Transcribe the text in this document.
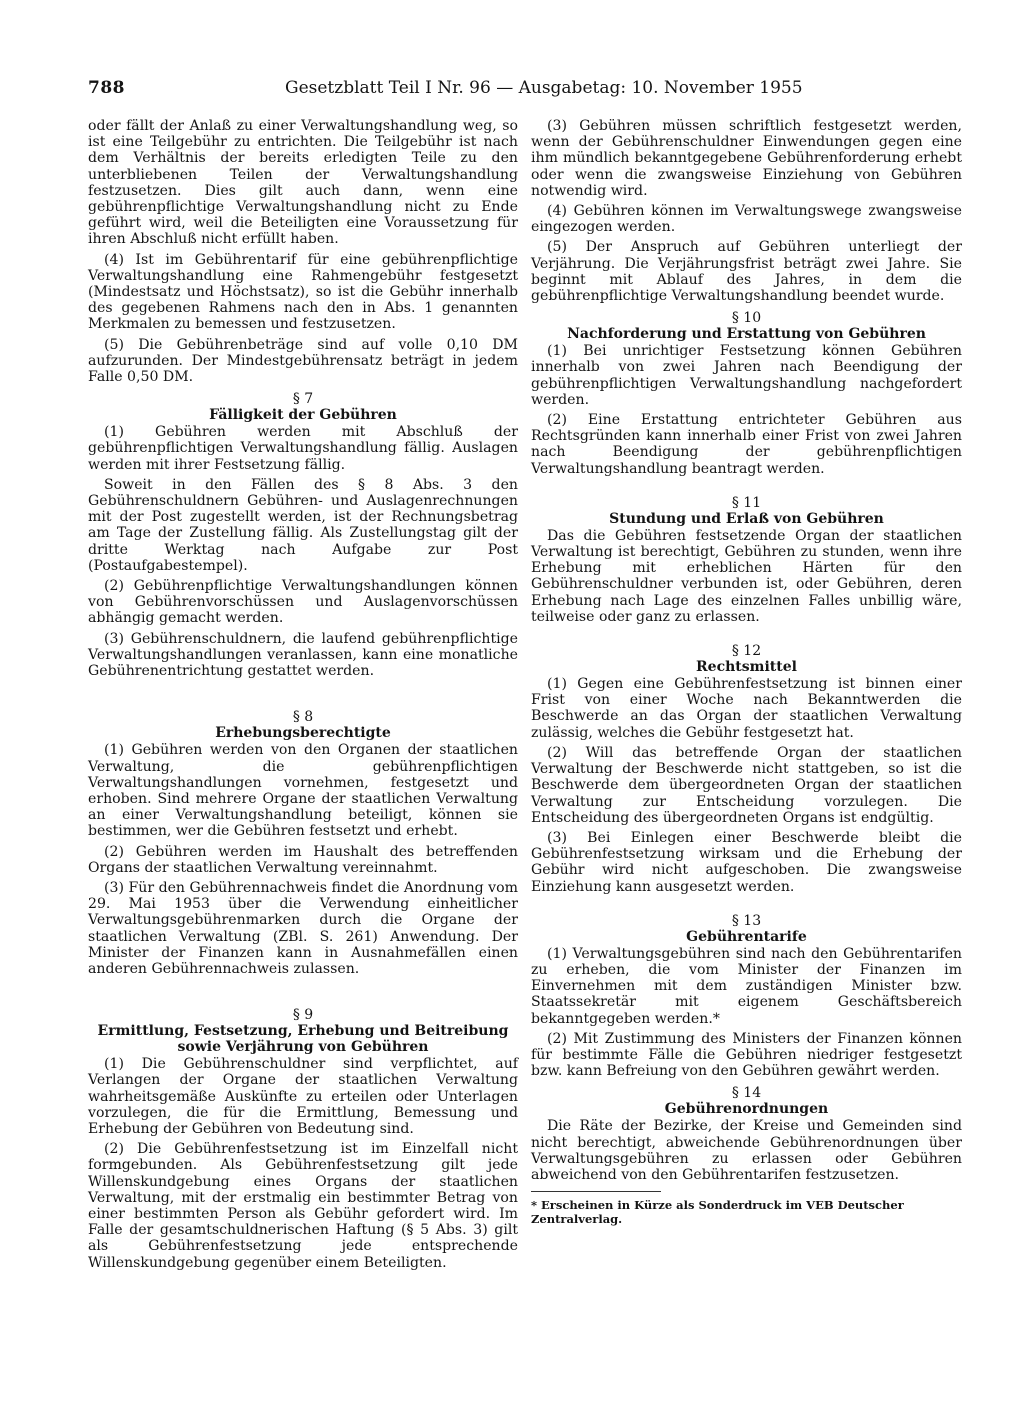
788	Gesetzblatt Teil I Nr. 96 — Ausgabetag: 10. November 1955

oder fällt der Anlaß zu einer Verwaltungshandlung weg, so ist eine Teilgebühr zu entrichten. Die Teilgebühr ist nach dem Verhältnis der bereits erledigten Teile zu den unterbliebenen Teilen der Verwaltungshandlung festzusetzen. Dies gilt auch dann, wenn eine gebührenpflichtige Verwaltungshandlung nicht zu Ende geführt wird, weil die Beteiligten eine Voraussetzung für ihren Abschluß nicht erfüllt haben.

(4) Ist im Gebührentarif für eine gebührenpflichtige Verwaltungshandlung eine Rahmengebühr festgesetzt (Mindestsatz und Höchstsatz), so ist die Gebühr innerhalb des gegebenen Rahmens nach den in Abs. 1 genannten Merkmalen zu bemessen und festzusetzen.

(5) Die Gebührenbeträge sind auf volle 0,10 DM aufzurunden. Der Mindestgebührensatz beträgt in jedem Falle 0,50 DM.

§ 7
Fälligkeit der Gebühren

(1) Gebühren werden mit Abschluß der gebührenpflichtigen Verwaltungshandlung fällig. Auslagen werden mit ihrer Festsetzung fällig.

Soweit in den Fällen des § 8 Abs. 3 den Gebührenschuldnern Gebühren- und Auslagenrechnungen mit der Post zugestellt werden, ist der Rechnungsbetrag am Tage der Zustellung fällig. Als Zustellungstag gilt der dritte Werktag nach Aufgabe zur Post (Postaufgabestempel).

(2) Gebührenpflichtige Verwaltungshandlungen können von Gebührenvorschüssen und Auslagenvorschüssen abhängig gemacht werden.

(3) Gebührenschuldnern, die laufend gebührenpflichtige Verwaltungshandlungen veranlassen, kann eine monatliche Gebührenentrichtung gestattet werden.

§ 8
Erhebungsberechtigte

(1) Gebühren werden von den Organen der staatlichen Verwaltung, die gebührenpflichtigen Verwaltungshandlungen vornehmen, festgesetzt und erhoben. Sind mehrere Organe der staatlichen Verwaltung an einer Verwaltungshandlung beteiligt, können sie bestimmen, wer die Gebühren festsetzt und erhebt.

(2) Gebühren werden im Haushalt des betreffenden Organs der staatlichen Verwaltung vereinnahmt.

(3) Für den Gebührennachweis findet die Anordnung vom 29. Mai 1953 über die Verwendung einheitlicher Verwaltungsgebührenmarken durch die Organe der staatlichen Verwaltung (ZBl. S. 261) Anwendung. Der Minister der Finanzen kann in Ausnahmefällen einen anderen Gebührennachweis zulassen.

§ 9
Ermittlung, Festsetzung, Erhebung und Beitreibung sowie Verjährung von Gebühren

(1) Die Gebührenschuldner sind verpflichtet, auf Verlangen der Organe der staatlichen Verwaltung wahrheitsgemäße Auskünfte zu erteilen oder Unterlagen vorzulegen, die für die Ermittlung, Bemessung und Erhebung der Gebühren von Bedeutung sind.

(2) Die Gebührenfestsetzung ist im Einzelfall nicht formgebunden. Als Gebührenfestsetzung gilt jede Willenskundgebung eines Organs der staatlichen Verwaltung, mit der erstmalig ein bestimmter Betrag von einer bestimmten Person als Gebühr gefordert wird. Im Falle der gesamtschuldnerischen Haftung (§ 5 Abs. 3) gilt als Gebührenfestsetzung jede entsprechende Willenskundgebung gegenüber einem Beteiligten.

(3) Gebühren müssen schriftlich festgesetzt werden, wenn der Gebührenschuldner Einwendungen gegen eine ihm mündlich bekanntgegebene Gebührenforderung erhebt oder wenn die zwangsweise Einziehung von Gebühren notwendig wird.

(4) Gebühren können im Verwaltungswege zwangsweise eingezogen werden.

(5) Der Anspruch auf Gebühren unterliegt der Verjährung. Die Verjährungsfrist beträgt zwei Jahre. Sie beginnt mit Ablauf des Jahres, in dem die gebührenpflichtige Verwaltungshandlung beendet wurde.

§ 10
Nachforderung und Erstattung von Gebühren

(1) Bei unrichtiger Festsetzung können Gebühren innerhalb von zwei Jahren nach Beendigung der gebührenpflichtigen Verwaltungshandlung nachgefordert werden.

(2) Eine Erstattung entrichteter Gebühren aus Rechtsgründen kann innerhalb einer Frist von zwei Jahren nach Beendigung der gebührenpflichtigen Verwaltungshandlung beantragt werden.

§ 11
Stundung und Erlaß von Gebühren

Das die Gebühren festsetzende Organ der staatlichen Verwaltung ist berechtigt, Gebühren zu stunden, wenn ihre Erhebung mit erheblichen Härten für den Gebührenschuldner verbunden ist, oder Gebühren, deren Erhebung nach Lage des einzelnen Falles unbillig wäre, teilweise oder ganz zu erlassen.

§ 12
Rechtsmittel

(1) Gegen eine Gebührenfestsetzung ist binnen einer Frist von einer Woche nach Bekanntwerden die Beschwerde an das Organ der staatlichen Verwaltung zulässig, welches die Gebühr festgesetzt hat.

(2) Will das betreffende Organ der staatlichen Verwaltung der Beschwerde nicht stattgeben, so ist die Beschwerde dem übergeordneten Organ der staatlichen Verwaltung zur Entscheidung vorzulegen. Die Entscheidung des übergeordneten Organs ist endgültig.

(3) Bei Einlegen einer Beschwerde bleibt die Gebührenfestsetzung wirksam und die Erhebung der Gebühr wird nicht aufgeschoben. Die zwangsweise Einziehung kann ausgesetzt werden.

§ 13
Gebührentarife

(1) Verwaltungsgebühren sind nach den Gebührentarifen zu erheben, die vom Minister der Finanzen im Einvernehmen mit dem zuständigen Minister bzw. Staatssekretär mit eigenem Geschäftsbereich bekanntgegeben werden.*

(2) Mit Zustimmung des Ministers der Finanzen können für bestimmte Fälle die Gebühren niedriger festgesetzt bzw. kann Befreiung von den Gebühren gewährt werden.

§ 14
Gebührenordnungen

Die Räte der Bezirke, der Kreise und Gemeinden sind nicht berechtigt, abweichende Gebührenordnungen über Verwaltungsgebühren zu erlassen oder Gebühren abweichend von den Gebührentarifen festzusetzen.

* Erscheinen in Kürze als Sonderdruck im VEB Deutscher Zentralverlag.
